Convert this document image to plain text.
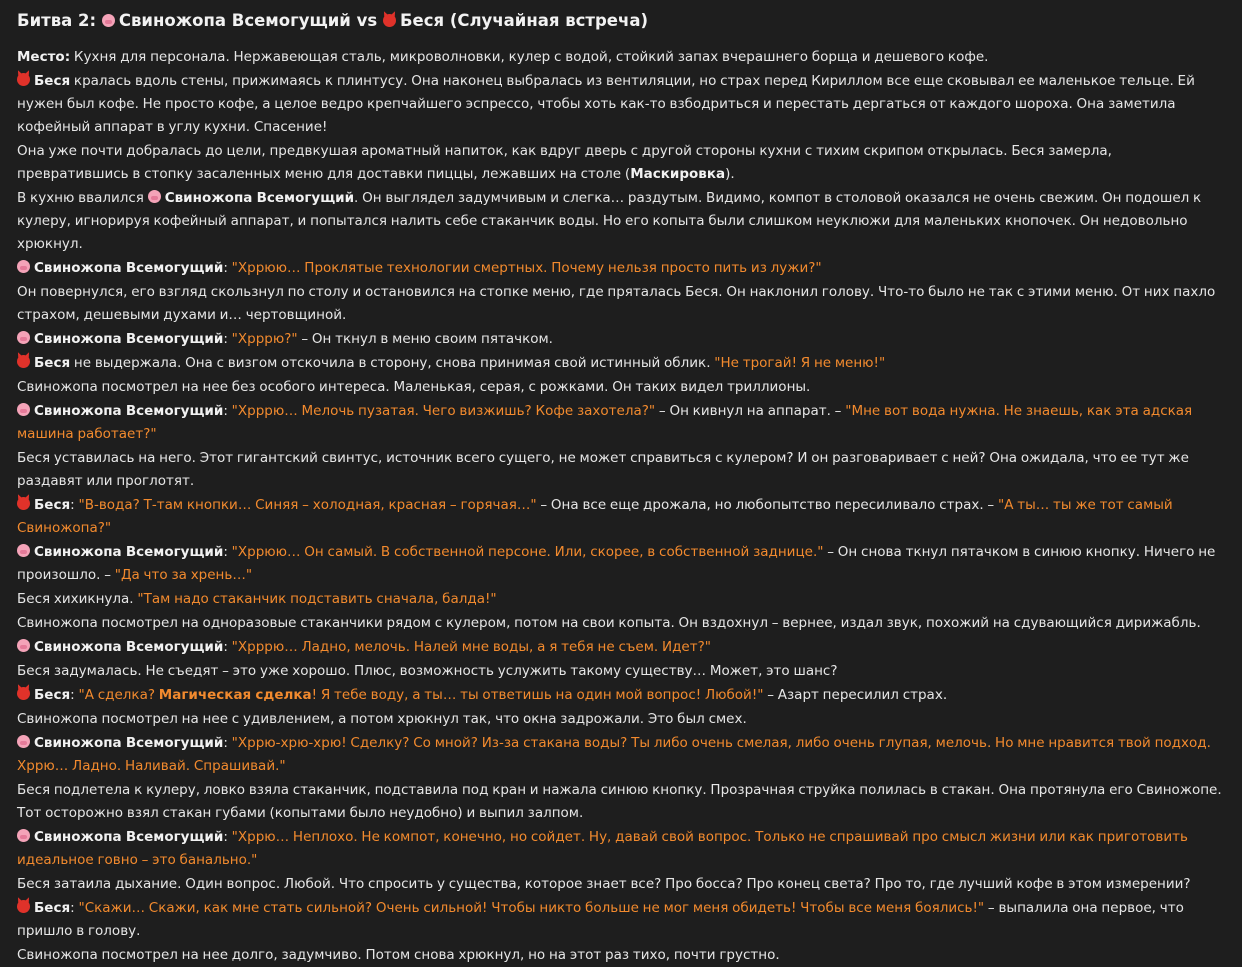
Битва 2: Свиножопа Всемогущий vs Беся (Случайная встреча)

Место: Кухня для персонала. Нержавеющая сталь, микроволновки, кулер с водой, стойкий запах вчерашнего борща и дешевого кофе.

Беся кралась вдоль стены, прижимаясь к плинтусу. Она наконец выбралась из вентиляции, но страх перед Кириллом все еще сковывал ее маленькое тельце. Ей нужен был кофе. Не просто кофе, а целое ведро крепчайшего эспрессо, чтобы хоть как-то взбодриться и перестать дергаться от каждого шороха. Она заметила кофейный аппарат в углу кухни. Спасение!

Она уже почти добралась до цели, предвкушая ароматный напиток, как вдруг дверь с другой стороны кухни с тихим скрипом открылась. Беся замерла, превратившись в стопку засаленных меню для доставки пиццы, лежавших на столе (Маскировка).

В кухню ввалился Свиножопа Всемогущий. Он выглядел задумчивым и слегка… раздутым. Видимо, компот в столовой оказался не очень свежим. Он подошел к кулеру, игнорируя кофейный аппарат, и попытался налить себе стаканчик воды. Но его копыта были слишком неуклюжи для маленьких кнопочек. Он недовольно хрюкнул.

Свиножопа Всемогущий: "Хррюю… Проклятые технологии смертных. Почему нельзя просто пить из лужи?"

Он повернулся, его взгляд скользнул по столу и остановился на стопке меню, где пряталась Беся. Он наклонил голову. Что-то было не так с этими меню. От них пахло страхом, дешевыми духами и… чертовщиной.

Свиножопа Всемогущий: "Хрррю?" – Он ткнул в меню своим пятачком.

Беся не выдержала. Она с визгом отскочила в сторону, снова принимая свой истинный облик. "Не трогай! Я не меню!"

Свиножопа посмотрел на нее без особого интереса. Маленькая, серая, с рожками. Он таких видел триллионы.

Свиножопа Всемогущий: "Хрррю… Мелочь пузатая. Чего визжишь? Кофе захотела?" – Он кивнул на аппарат. – "Мне вот вода нужна. Не знаешь, как эта адская машина работает?"

Беся уставилась на него. Этот гигантский свинтус, источник всего сущего, не может справиться с кулером? И он разговаривает с ней? Она ожидала, что ее тут же раздавят или проглотят.

Беся: "В-вода? Т-там кнопки… Синяя – холодная, красная – горячая…" – Она все еще дрожала, но любопытство пересиливало страх. – "А ты… ты же тот самый Свиножопа?"

Свиножопа Всемогущий: "Хррюю… Он самый. В собственной персоне. Или, скорее, в собственной заднице." – Он снова ткнул пятачком в синюю кнопку. Ничего не произошло. – "Да что за хрень…"

Беся хихикнула. "Там надо стаканчик подставить сначала, балда!"

Свиножопа посмотрел на одноразовые стаканчики рядом с кулером, потом на свои копыта. Он вздохнул – вернее, издал звук, похожий на сдувающийся дирижабль.

Свиножопа Всемогущий: "Хрррю… Ладно, мелочь. Налей мне воды, а я тебя не съем. Идет?"

Беся задумалась. Не съедят – это уже хорошо. Плюс, возможность услужить такому существу… Может, это шанс?

Беся: "А сделка? Магическая сделка! Я тебе воду, а ты… ты ответишь на один мой вопрос! Любой!" – Азарт пересилил страх.

Свиножопа посмотрел на нее с удивлением, а потом хрюкнул так, что окна задрожали. Это был смех.

Свиножопа Всемогущий: "Хррю-хрю-хрю! Сделку? Со мной? Из-за стакана воды? Ты либо очень смелая, либо очень глупая, мелочь. Но мне нравится твой подход. Хррю… Ладно. Наливай. Спрашивай."

Беся подлетела к кулеру, ловко взяла стаканчик, подставила под кран и нажала синюю кнопку. Прозрачная струйка полилась в стакан. Она протянула его Свиножопе. Тот осторожно взял стакан губами (копытами было неудобно) и выпил залпом.

Свиножопа Всемогущий: "Хррю… Неплохо. Не компот, конечно, но сойдет. Ну, давай свой вопрос. Только не спрашивай про смысл жизни или как приготовить идеальное говно – это банально."

Беся затаила дыхание. Один вопрос. Любой. Что спросить у существа, которое знает все? Про босса? Про конец света? Про то, где лучший кофе в этом измерении?

Беся: "Скажи… Скажи, как мне стать сильной? Очень сильной! Чтобы никто больше не мог меня обидеть! Чтобы все меня боялись!" – выпалила она первое, что пришло в голову.

Свиножопа посмотрел на нее долго, задумчиво. Потом снова хрюкнул, но на этот раз тихо, почти грустно.
